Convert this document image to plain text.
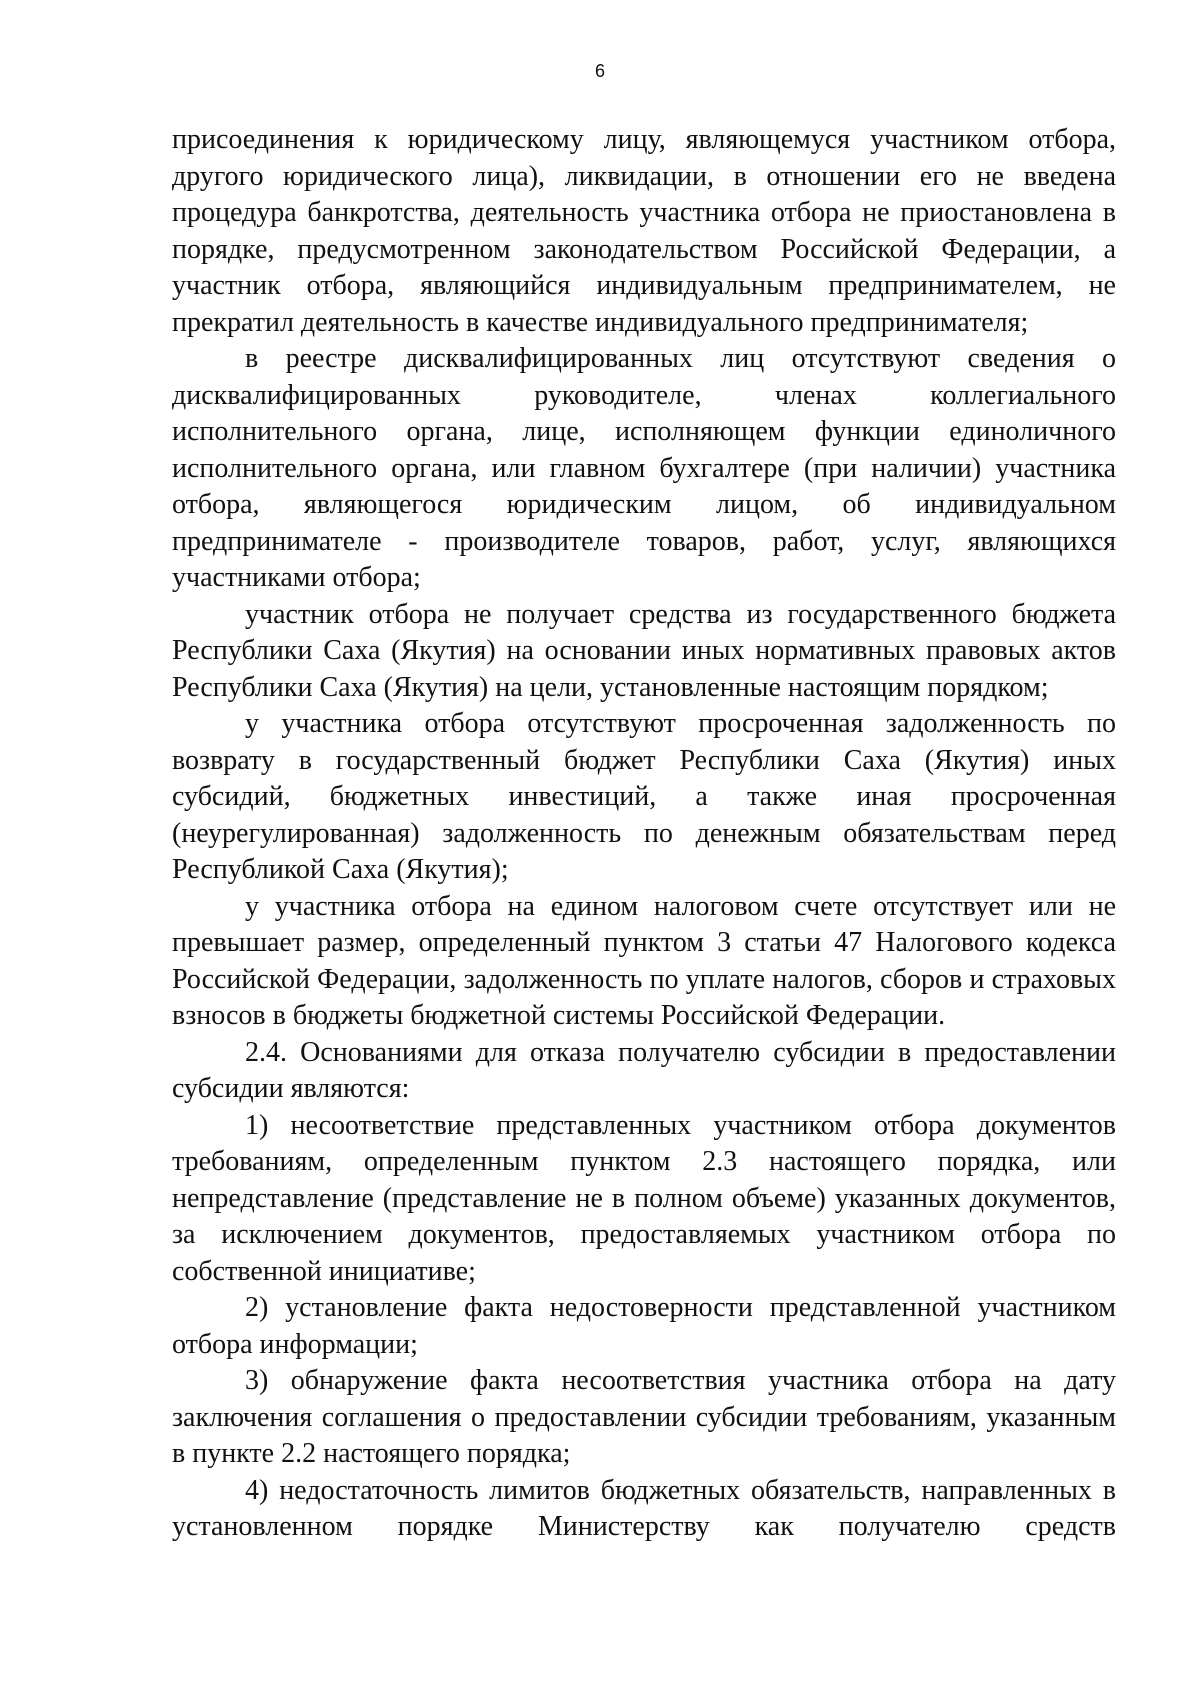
6

присоединения к юридическому лицу, являющемуся участником отбора, другого юридического лица), ликвидации, в отношении его не введена процедура банкротства, деятельность участника отбора не приостановлена в порядке, предусмотренном законодательством Российской Федерации, а участник отбора, являющийся индивидуальным предпринимателем, не прекратил деятельность в качестве индивидуального предпринимателя;

в реестре дисквалифицированных лиц отсутствуют сведения о дисквалифицированных руководителе, членах коллегиального исполнительного органа, лице, исполняющем функции единоличного исполнительного органа, или главном бухгалтере (при наличии) участника отбора, являющегося юридическим лицом, об индивидуальном предпринимателе - производителе товаров, работ, услуг, являющихся участниками отбора;

участник отбора не получает средства из государственного бюджета Республики Саха (Якутия) на основании иных нормативных правовых актов Республики Саха (Якутия) на цели, установленные настоящим порядком;

у участника отбора отсутствуют просроченная задолженность по возврату в государственный бюджет Республики Саха (Якутия) иных субсидий, бюджетных инвестиций, а также иная просроченная (неурегулированная) задолженность по денежным обязательствам перед Республикой Саха (Якутия);

у участника отбора на едином налоговом счете отсутствует или не превышает размер, определенный пунктом 3 статьи 47 Налогового кодекса Российской Федерации, задолженность по уплате налогов, сборов и страховых взносов в бюджеты бюджетной системы Российской Федерации.

2.4. Основаниями для отказа получателю субсидии в предоставлении субсидии являются:

1) несоответствие представленных участником отбора документов требованиям, определенным пунктом 2.3 настоящего порядка, или непредставление (представление не в полном объеме) указанных документов, за исключением документов, предоставляемых участником отбора по собственной инициативе;

2) установление факта недостоверности представленной участником отбора информации;

3) обнаружение факта несоответствия участника отбора на дату заключения соглашения о предоставлении субсидии требованиям, указанным в пункте 2.2 настоящего порядка;

4) недостаточность лимитов бюджетных обязательств, направленных в установленном порядке Министерству как получателю средств
